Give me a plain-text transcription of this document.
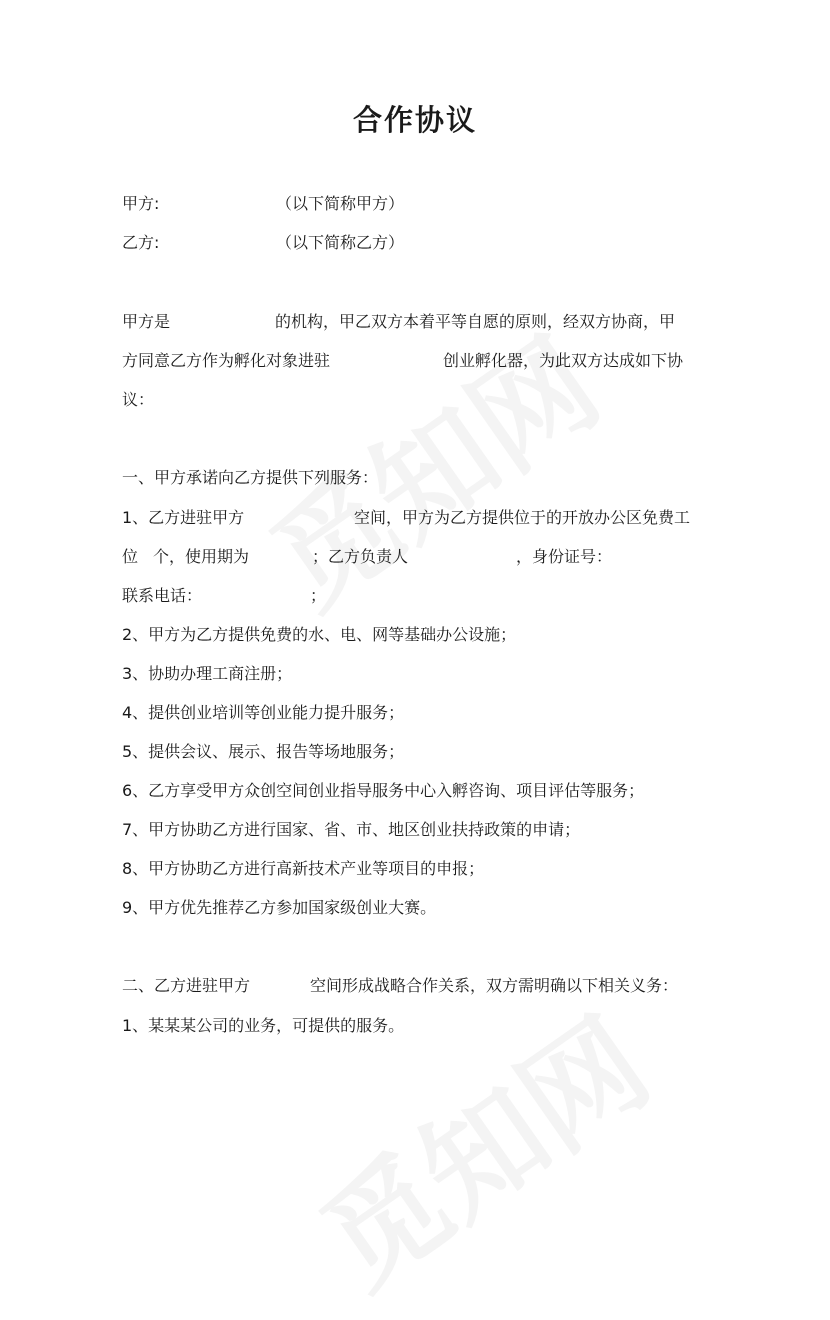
合作协议
甲方:	（以下简称甲方）
乙方:	（以下简称乙方）
甲方是	的机构，甲乙双方本着平等自愿的原则，经双方协商，甲
方同意乙方作为孵化对象进驻	创业孵化器，为此双方达成如下协
议：
一、甲方承诺向乙方提供下列服务：
1、乙方进驻甲方	空间，甲方为乙方提供位于的开放办公区免费工
位 个，使用期为	；乙方负责人	，身份证号：
联系电话：	；
2、甲方为乙方提供免费的水、电、网等基础办公设施；
3、协助办理工商注册；
4、提供创业培训等创业能力提升服务；
5、提供会议、展示、报告等场地服务；
6、乙方享受甲方众创空间创业指导服务中心入孵咨询、项目评估等服务；
7、甲方协助乙方进行国家、省、市、地区创业扶持政策的申请；
8、甲方协助乙方进行高新技术产业等项目的申报；
9、甲方优先推荐乙方参加国家级创业大赛。
二、乙方进驻甲方	空间形成战略合作关系，双方需明确以下相关义务：
1、某某某公司的业务，可提供的服务。
